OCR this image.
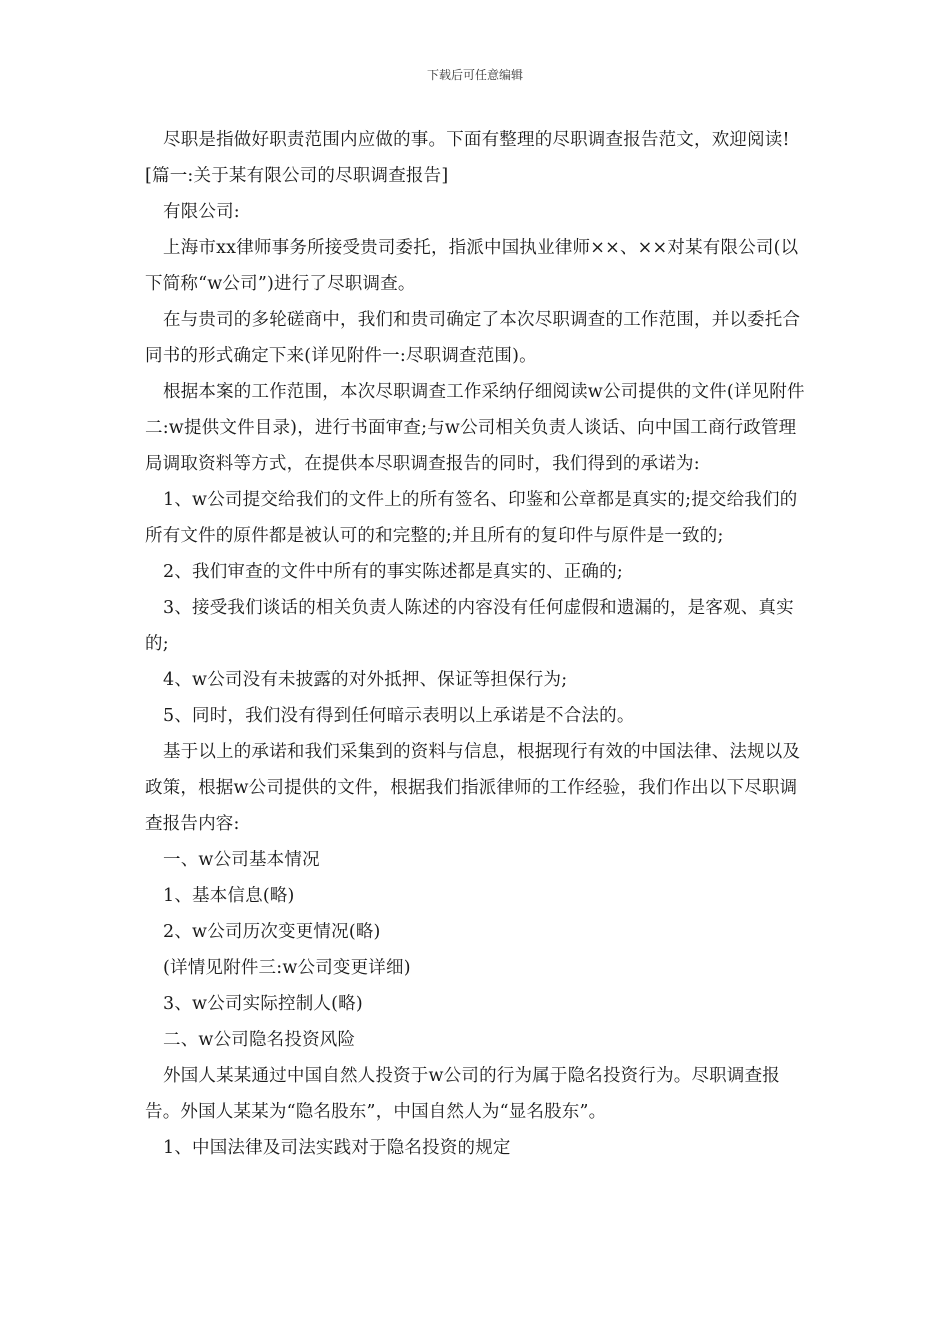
下载后可任意编辑

尽职是指做好职责范围内应做的事。下面有整理的尽职调查报告范文，欢迎阅读! [篇一:关于某有限公司的尽职调查报告]

有限公司:

上海市xx律师事务所接受贵司委托，指派中国执业律师××、××对某有限公司(以下简称“w公司”)进行了尽职调查。

在与贵司的多轮磋商中，我们和贵司确定了本次尽职调查的工作范围，并以委托合同书的形式确定下来(详见附件一:尽职调查范围)。

根据本案的工作范围，本次尽职调查工作采纳仔细阅读w公司提供的文件(详见附件二:w提供文件目录)，进行书面审查;与w公司相关负责人谈话、向中国工商行政管理局调取资料等方式，在提供本尽职调查报告的同时，我们得到的承诺为:

1、w公司提交给我们的文件上的所有签名、印鉴和公章都是真实的;提交给我们的所有文件的原件都是被认可的和完整的;并且所有的复印件与原件是一致的;

2、我们审查的文件中所有的事实陈述都是真实的、正确的;

3、接受我们谈话的相关负责人陈述的内容没有任何虚假和遗漏的，是客观、真实的;

4、w公司没有未披露的对外抵押、保证等担保行为;

5、同时，我们没有得到任何暗示表明以上承诺是不合法的。

基于以上的承诺和我们采集到的资料与信息，根据现行有效的中国法律、法规以及政策，根据w公司提供的文件，根据我们指派律师的工作经验，我们作出以下尽职调查报告内容:

一、w公司基本情况

1、基本信息(略)

2、w公司历次变更情况(略)

(详情见附件三:w公司变更详细)

3、w公司实际控制人(略)

二、w公司隐名投资风险

外国人某某通过中国自然人投资于w公司的行为属于隐名投资行为。尽职调查报告。外国人某某为“隐名股东”，中国自然人为“显名股东”。

1、中国法律及司法实践对于隐名投资的规定
